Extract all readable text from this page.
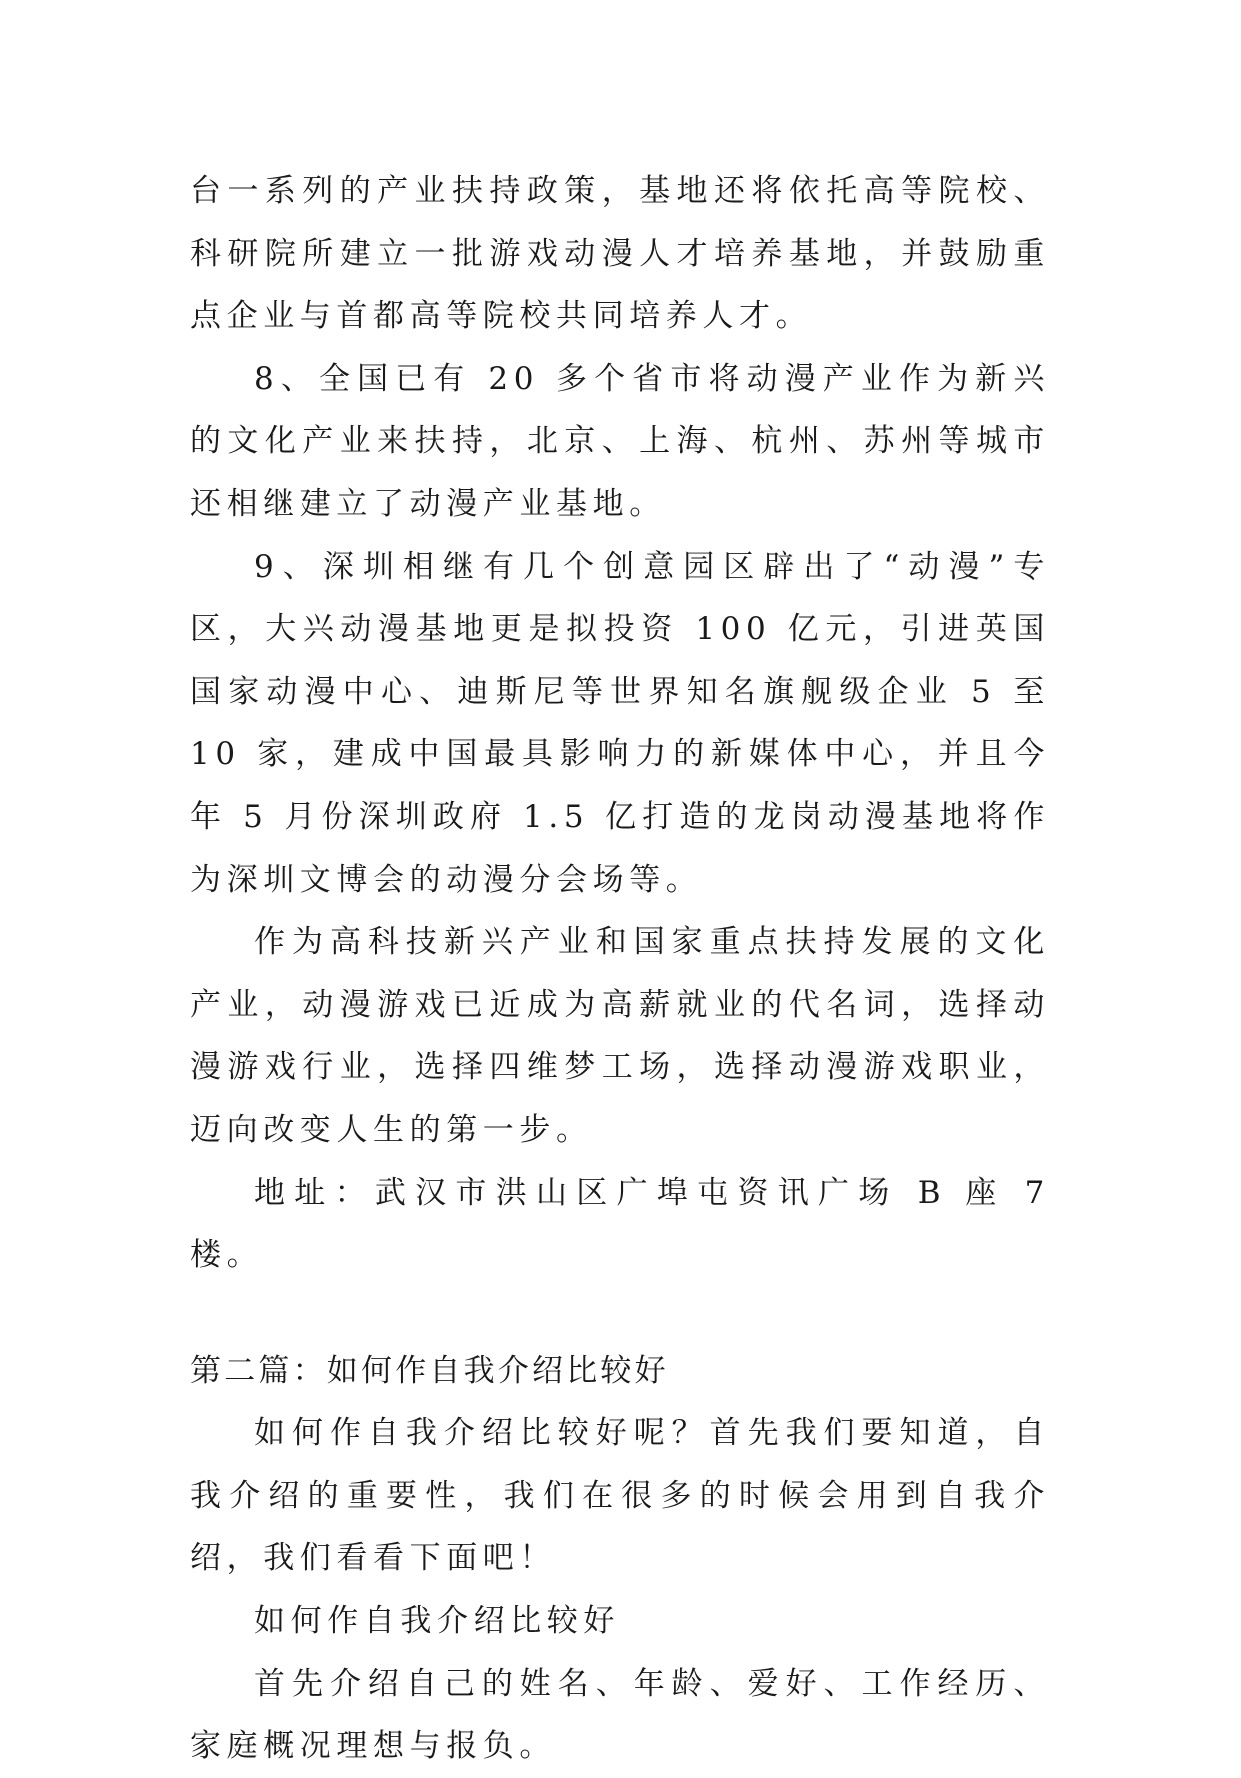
台一系列的产业扶持政策，基地还将依托高等院校、科研院所建立一批游戏动漫人才培养基地，并鼓励重点企业与首都高等院校共同培养人才。

8、全国已有 20 多个省市将动漫产业作为新兴的文化产业来扶持，北京、上海、杭州、苏州等城市还相继建立了动漫产业基地。

9、深圳相继有几个创意园区辟出了“动漫”专区，大兴动漫基地更是拟投资 100 亿元，引进英国国家动漫中心、迪斯尼等世界知名旗舰级企业 5 至 10 家，建成中国最具影响力的新媒体中心，并且今年 5 月份深圳政府 1.5 亿打造的龙岗动漫基地将作为深圳文博会的动漫分会场等。

作为高科技新兴产业和国家重点扶持发展的文化产业，动漫游戏已近成为高薪就业的代名词，选择动漫游戏行业，选择四维梦工场，选择动漫游戏职业，迈向改变人生的第一步。

地址：武汉市洪山区广埠屯资讯广场 B 座 7 楼。

第二篇：如何作自我介绍比较好

如何作自我介绍比较好呢？首先我们要知道，自我介绍的重要性，我们在很多的时候会用到自我介绍，我们看看下面吧！

如何作自我介绍比较好

首先介绍自己的姓名、年龄、爱好、工作经历、家庭概况理想与报负。
